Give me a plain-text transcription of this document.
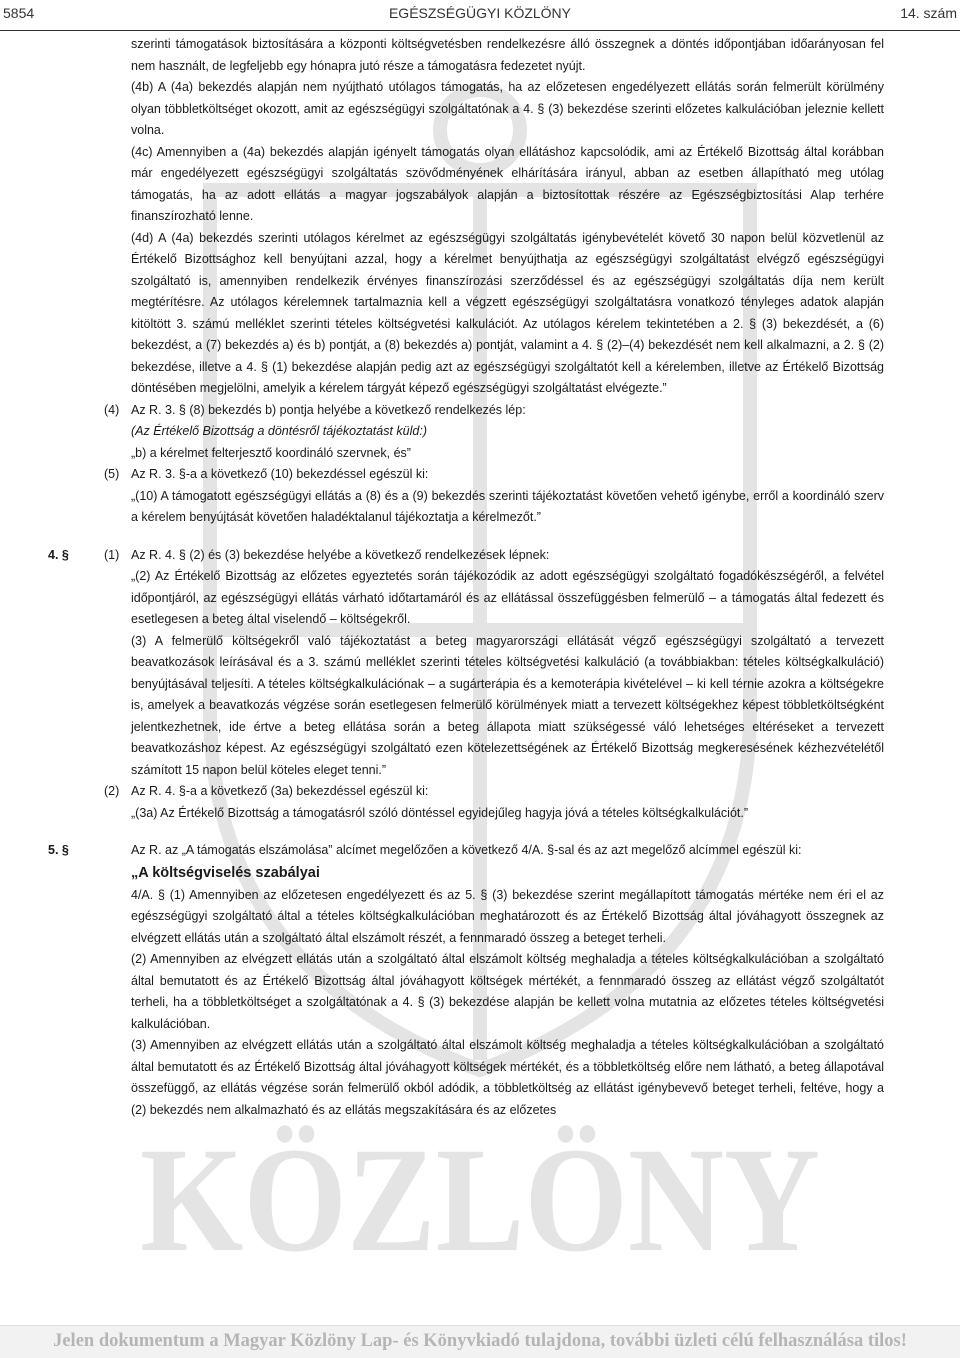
KÖZLÖNY
5854	EGÉSZSÉGÜGYI KÖZLÖNY	14. szám

szerinti támogatások biztosítására a központi költségvetésben rendelkezésre álló összegnek a döntés időpontjában időarányosan fel nem használt, de legfeljebb egy hónapra jutó része a támogatásra fedezetet nyújt.

(4b) A (4a) bekezdés alapján nem nyújtható utólagos támogatás, ha az előzetesen engedélyezett ellátás során felmerült körülmény olyan többletköltséget okozott, amit az egészségügyi szolgáltatónak a 4. § (3) bekezdése szerinti előzetes kalkulációban jeleznie kellett volna.

(4c) Amennyiben a (4a) bekezdés alapján igényelt támogatás olyan ellátáshoz kapcsolódik, ami az Értékelő Bizottság által korábban már engedélyezett egészségügyi szolgáltatás szövődményének elhárítására irányul, abban az esetben állapítható meg utólag támogatás, ha az adott ellátás a magyar jogszabályok alapján a biztosítottak részére az Egészségbiztosítási Alap terhére finanszírozható lenne.

(4d) A (4a) bekezdés szerinti utólagos kérelmet az egészségügyi szolgáltatás igénybevételét követő 30 napon belül közvetlenül az Értékelő Bizottsághoz kell benyújtani azzal, hogy a kérelmet benyújthatja az egészségügyi szolgáltatást elvégző egészségügyi szolgáltató is, amennyiben rendelkezik érvényes finanszírozási szerződéssel és az egészségügyi szolgáltatás díja nem került megtérítésre. Az utólagos kérelemnek tartalmaznia kell a végzett egészségügyi szolgáltatásra vonatkozó tényleges adatok alapján kitöltött 3. számú melléklet szerinti tételes költségvetési kalkulációt. Az utólagos kérelem tekintetében a 2. § (3) bekezdését, a (6) bekezdést, a (7) bekezdés a) és b) pontját, a (8) bekezdés a) pontját, valamint a 4. § (2)–(4) bekezdését nem kell alkalmazni, a 2. § (2) bekezdése, illetve a 4. § (1) bekezdése alapján pedig azt az egészségügyi szolgáltatót kell a kérelemben, illetve az Értékelő Bizottság döntésében megjelölni, amelyik a kérelem tárgyát képező egészségügyi szolgáltatást elvégezte.”

(4) Az R. 3. § (8) bekezdés b) pontja helyébe a következő rendelkezés lép:

(Az Értékelő Bizottság a döntésről tájékoztatást küld:)

„b) a kérelmet felterjesztő koordináló szervnek, és”

(5) Az R. 3. §-a a következő (10) bekezdéssel egészül ki:

„(10) A támogatott egészségügyi ellátás a (8) és a (9) bekezdés szerinti tájékoztatást követően vehető igénybe, erről a koordináló szerv a kérelem benyújtását követően haladéktalanul tájékoztatja a kérelmezőt.”

4. §	(1) Az R. 4. § (2) és (3) bekezdése helyébe a következő rendelkezések lépnek:

„(2) Az Értékelő Bizottság az előzetes egyeztetés során tájékozódik az adott egészségügyi szolgáltató fogadókészségéről, a felvétel időpontjáról, az egészségügyi ellátás várható időtartamáról és az ellátással összefüggésben felmerülő – a támogatás által fedezett és esetlegesen a beteg által viselendő – költségekről.

(3) A felmerülő költségekről való tájékoztatást a beteg magyarországi ellátását végző egészségügyi szolgáltató a tervezett beavatkozások leírásával és a 3. számú melléklet szerinti tételes költségvetési kalkuláció (a továbbiakban: tételes költségkalkuláció) benyújtásával teljesíti. A tételes költségkalkulációnak – a sugárterápia és a kemoterápia kivételével – ki kell térnie azokra a költségekre is, amelyek a beavatkozás végzése során esetlegesen felmerülő körülmények miatt a tervezett költségekhez képest többletköltségként jelentkezhetnek, ide értve a beteg ellátása során a beteg állapota miatt szükségessé váló lehetséges eltéréseket a tervezett beavatkozáshoz képest. Az egészségügyi szolgáltató ezen kötelezettségének az Értékelő Bizottság megkeresésének kézhezvételétől számított 15 napon belül köteles eleget tenni.”

(2) Az R. 4. §-a a következő (3a) bekezdéssel egészül ki:

„(3a) Az Értékelő Bizottság a támogatásról szóló döntéssel egyidejűleg hagyja jóvá a tételes költségkalkulációt.”

5. §	Az R. az „A támogatás elszámolása” alcímet megelőzően a következő 4/A. §-sal és az azt megelőző alcímmel egészül ki:

„A költségviselés szabályai

4/A. § (1) Amennyiben az előzetesen engedélyezett és az 5. § (3) bekezdése szerint megállapított támogatás mértéke nem éri el az egészségügyi szolgáltató által a tételes költségkalkulációban meghatározott és az Értékelő Bizottság által jóváhagyott összegnek az elvégzett ellátás után a szolgáltató által elszámolt részét, a fennmaradó összeg a beteget terheli.

(2) Amennyiben az elvégzett ellátás után a szolgáltató által elszámolt költség meghaladja a tételes költségkalkulációban a szolgáltató által bemutatott és az Értékelő Bizottság által jóváhagyott költségek mértékét, a fennmaradó összeg az ellátást végző szolgáltatót terheli, ha a többletköltséget a szolgáltatónak a 4. § (3) bekezdése alapján be kellett volna mutatnia az előzetes tételes költségvetési kalkulációban.

(3) Amennyiben az elvégzett ellátás után a szolgáltató által elszámolt költség meghaladja a tételes költségkalkulációban a szolgáltató által bemutatott és az Értékelő Bizottság által jóváhagyott költségek mértékét, és a többletköltség előre nem látható, a beteg állapotával összefüggő, az ellátás végzése során felmerülő okból adódik, a többletköltség az ellátást igénybevevő beteget terheli, feltéve, hogy a (2) bekezdés nem alkalmazható és az ellátás megszakítására és az előzetes

Jelen dokumentum a Magyar Közlöny Lap- és Könyvkiadó tulajdona, további üzleti célú felhasználása tilos!
